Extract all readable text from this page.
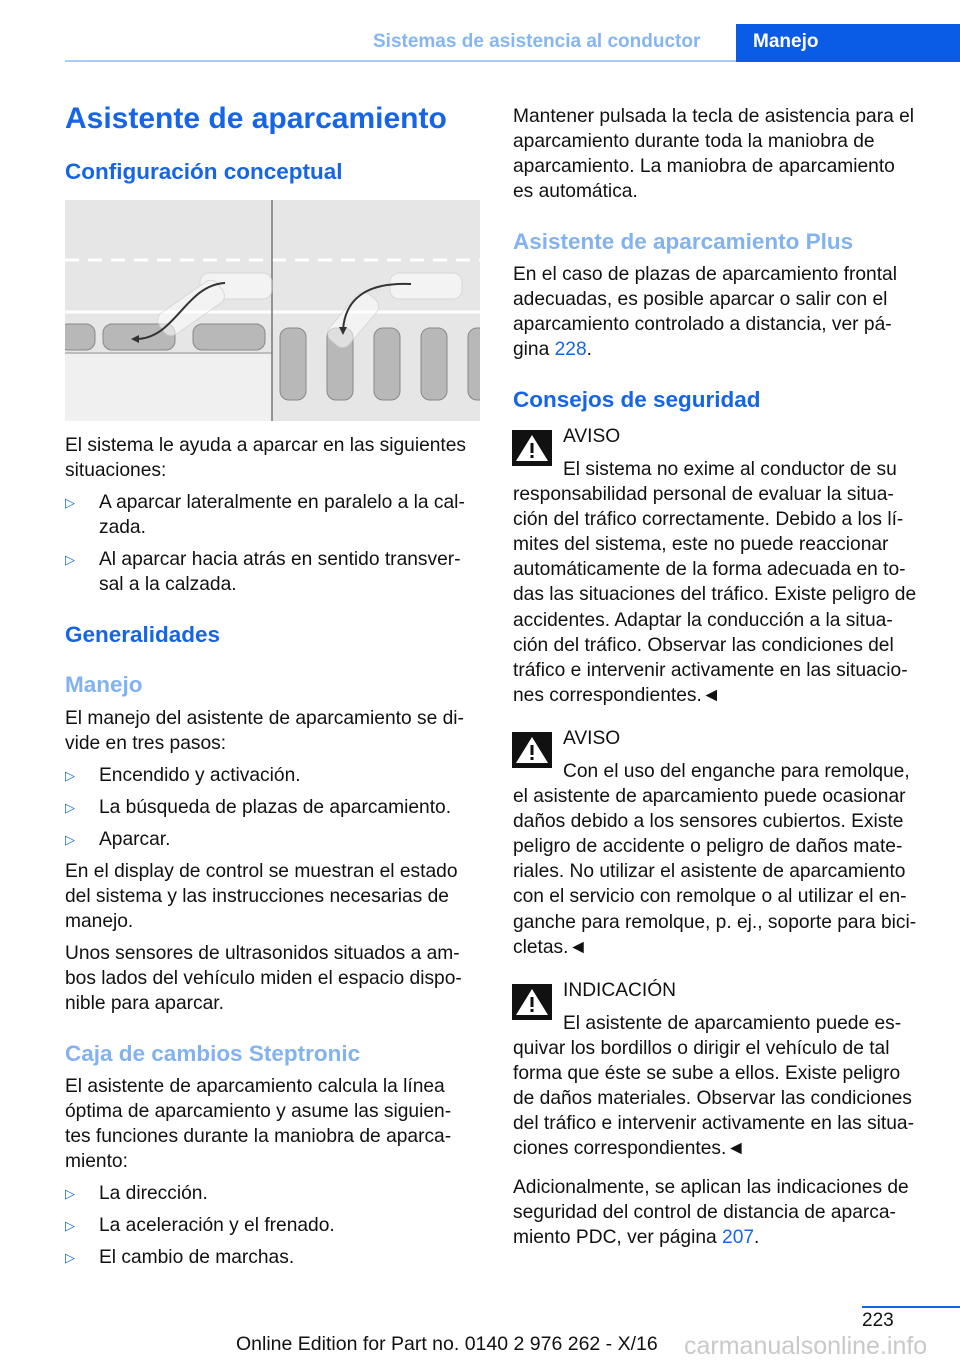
Sistemas de asistencia al conductor	Manejo
Asistente de aparcamiento
Configuración conceptual
El sistema le ayuda a aparcar en las siguientes
situaciones:
▷ A aparcar lateralmente en paralelo a la cal-
zada.
▷ Al aparcar hacia atrás en sentido transver-
sal a la calzada.
Generalidades
Manejo
El manejo del asistente de aparcamiento se di-
vide en tres pasos:
▷ Encendido y activación.
▷ La búsqueda de plazas de aparcamiento.
▷ Aparcar.
En el display de control se muestran el estado
del sistema y las instrucciones necesarias de
manejo.
Unos sensores de ultrasonidos situados a am-
bos lados del vehículo miden el espacio dispo-
nible para aparcar.
Caja de cambios Steptronic
El asistente de aparcamiento calcula la línea
óptima de aparcamiento y asume las siguien-
tes funciones durante la maniobra de aparca-
miento:
▷ La dirección.
▷ La aceleración y el frenado.
▷ El cambio de marchas.
Mantener pulsada la tecla de asistencia para el
aparcamiento durante toda la maniobra de
aparcamiento. La maniobra de aparcamiento
es automática.
Asistente de aparcamiento Plus
En el caso de plazas de aparcamiento frontal
adecuadas, es posible aparcar o salir con el
aparcamiento controlado a distancia, ver pá-
gina 228.
Consejos de seguridad
AVISO
El sistema no exime al conductor de su
responsabilidad personal de evaluar la situa-
ción del tráfico correctamente. Debido a los lí-
mites del sistema, este no puede reaccionar
automáticamente de la forma adecuada en to-
das las situaciones del tráfico. Existe peligro de
accidentes. Adaptar la conducción a la situa-
ción del tráfico. Observar las condiciones del
tráfico e intervenir activamente en las situacio-
nes correspondientes.◄
AVISO
Con el uso del enganche para remolque,
el asistente de aparcamiento puede ocasionar
daños debido a los sensores cubiertos. Existe
peligro de accidente o peligro de daños mate-
riales. No utilizar el asistente de aparcamiento
con el servicio con remolque o al utilizar el en-
ganche para remolque, p. ej., soporte para bici-
cletas.◄
INDICACIÓN
El asistente de aparcamiento puede es-
quivar los bordillos o dirigir el vehículo de tal
forma que éste se sube a ellos. Existe peligro
de daños materiales. Observar las condiciones
del tráfico e intervenir activamente en las situa-
ciones correspondientes.◄
Adicionalmente, se aplican las indicaciones de
seguridad del control de distancia de aparca-
miento PDC, ver página 207.
223
Online Edition for Part no. 0140 2 976 262 - X/16 carmanualsonline.info
